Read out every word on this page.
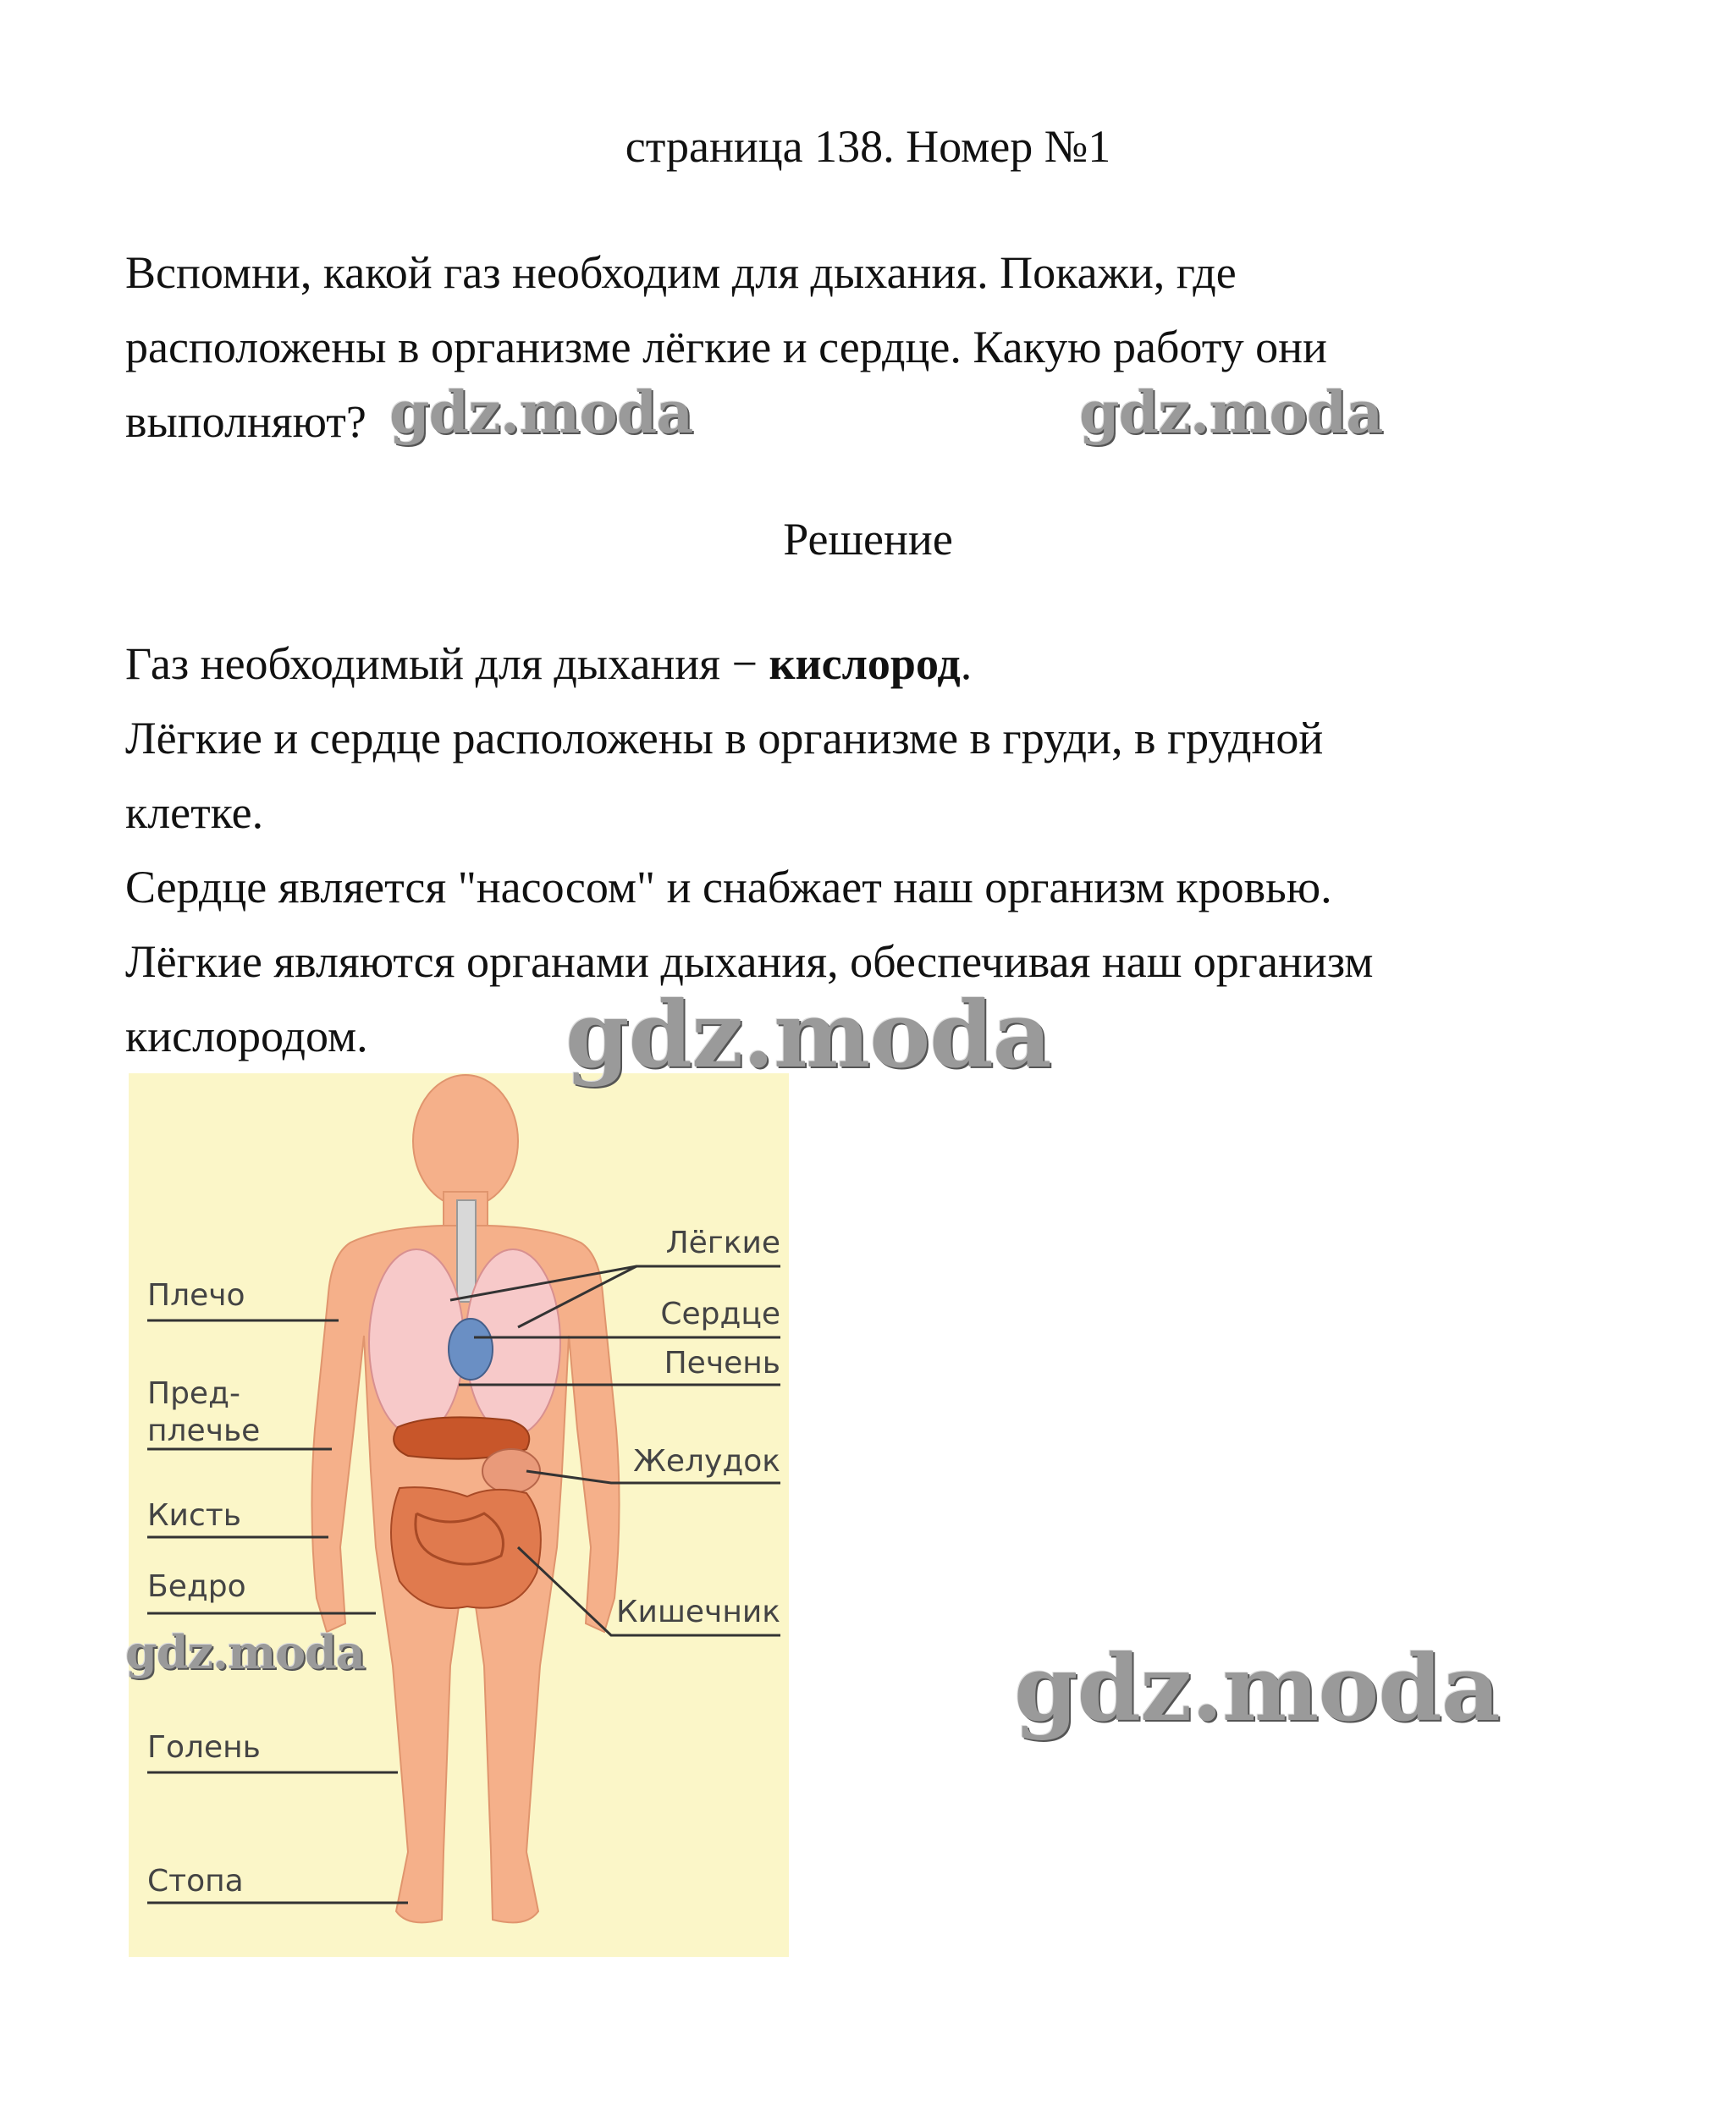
страница 138. Номер №1

Вспомни, какой газ необходим для дыхания. Покажи, где

расположены в организме лёгкие и сердце. Какую работу они

выполняют?

Решение

Газ необходимый для дыхания − кислород.

Лёгкие и сердце расположены в организме в груди, в грудной

клетке.

Сердце является "насосом" и снабжает наш организм кровью.

Лёгкие являются органами дыхания, обеспечивая наш организм

кислородом.

Плечо
Пред-
плечье
Кисть
Бедро
Голень
Стопа
Лёгкие
Сердце
Печень
Желудок
Кишечник
gdz.moda	gdz.moda
gdz.moda
gdz.moda	gdz.moda
